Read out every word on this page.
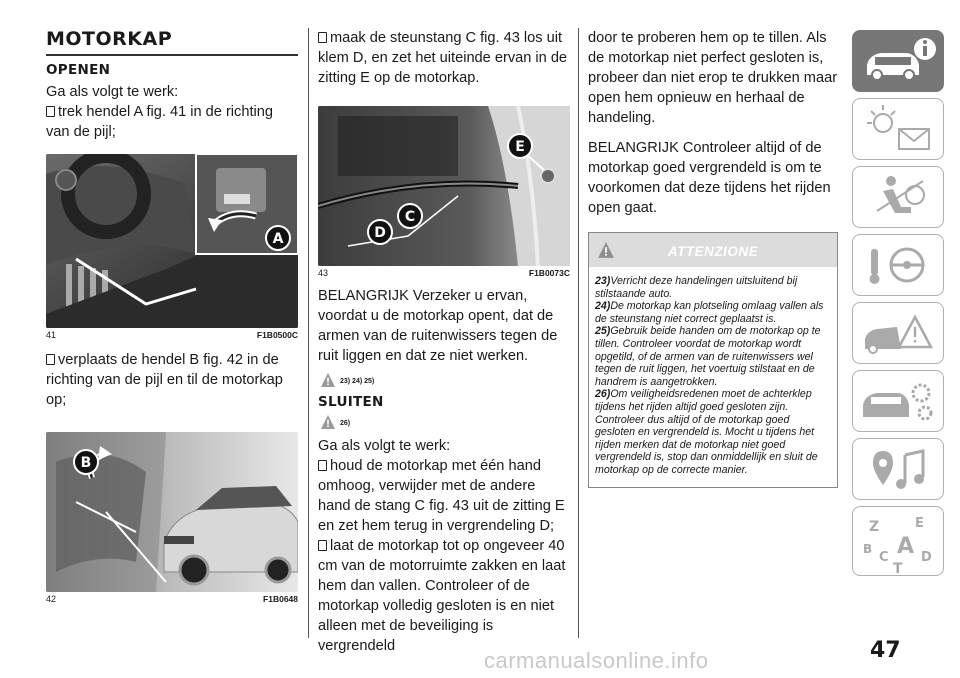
MOTORKAP
OPENEN

Ga als volgt te werk:

trek hendel A fig. 41 in de richting van de pijl;

A
41	F1B0500C

verplaats de hendel B fig. 42 in de richting van de pijl en til de motorkap op;

B
42	F1B0648

maak de steunstang C fig. 43 los uit klem D, en zet het uiteinde ervan in de zitting E op de motorkap.

E
C
D
43	F1B0073C

BELANGRIJK Verzeker u ervan, voordat u de motorkap opent, dat de armen van de ruitenwissers tegen de ruit liggen en dat ze niet werken.

23) 24) 25)
SLUITEN
26)

Ga als volgt te werk:

houd de motorkap met één hand omhoog, verwijder met de andere hand de stang C fig. 43 uit de zitting E en zet hem terug in vergrendeling D;

laat de motorkap tot op ongeveer 40 cm van de motorruimte zakken en laat hem dan vallen. Controleer of de motorkap volledig gesloten is en niet alleen met de beveiliging is vergrendeld

door te proberen hem op te tillen. Als de motorkap niet perfect gesloten is, probeer dan niet erop te drukken maar open hem opnieuw en herhaal de handeling.

BELANGRIJK Controleer altijd of de motorkap goed vergrendeld is om te voorkomen dat deze tijdens het rijden open gaat.

ATTENZIONE
23)Verricht deze handelingen uitsluitend bij stilstaande auto.
24)De motorkap kan plotseling omlaag vallen als de steunstang niet correct geplaatst is.
25)Gebruik beide handen om de motorkap op te tillen. Controleer voordat de motorkap wordt opgetild, of de armen van de ruitenwissers wel tegen de ruit liggen, het voertuig stilstaat en de handrem is aangetrokken.
26)Om veiligheidsredenen moet de achterklep tijdens het rijden altijd goed gesloten zijn. Controleer dus altijd of de motorkap goed gesloten en vergrendeld is. Mocht u tijdens het rijden merken dat de motorkap niet goed vergrendeld is, stop dan onmiddellijk en sluit de motorkap op de correcte manier.
Z	E
B A
C
T
D
47
carmanualsonline.info
